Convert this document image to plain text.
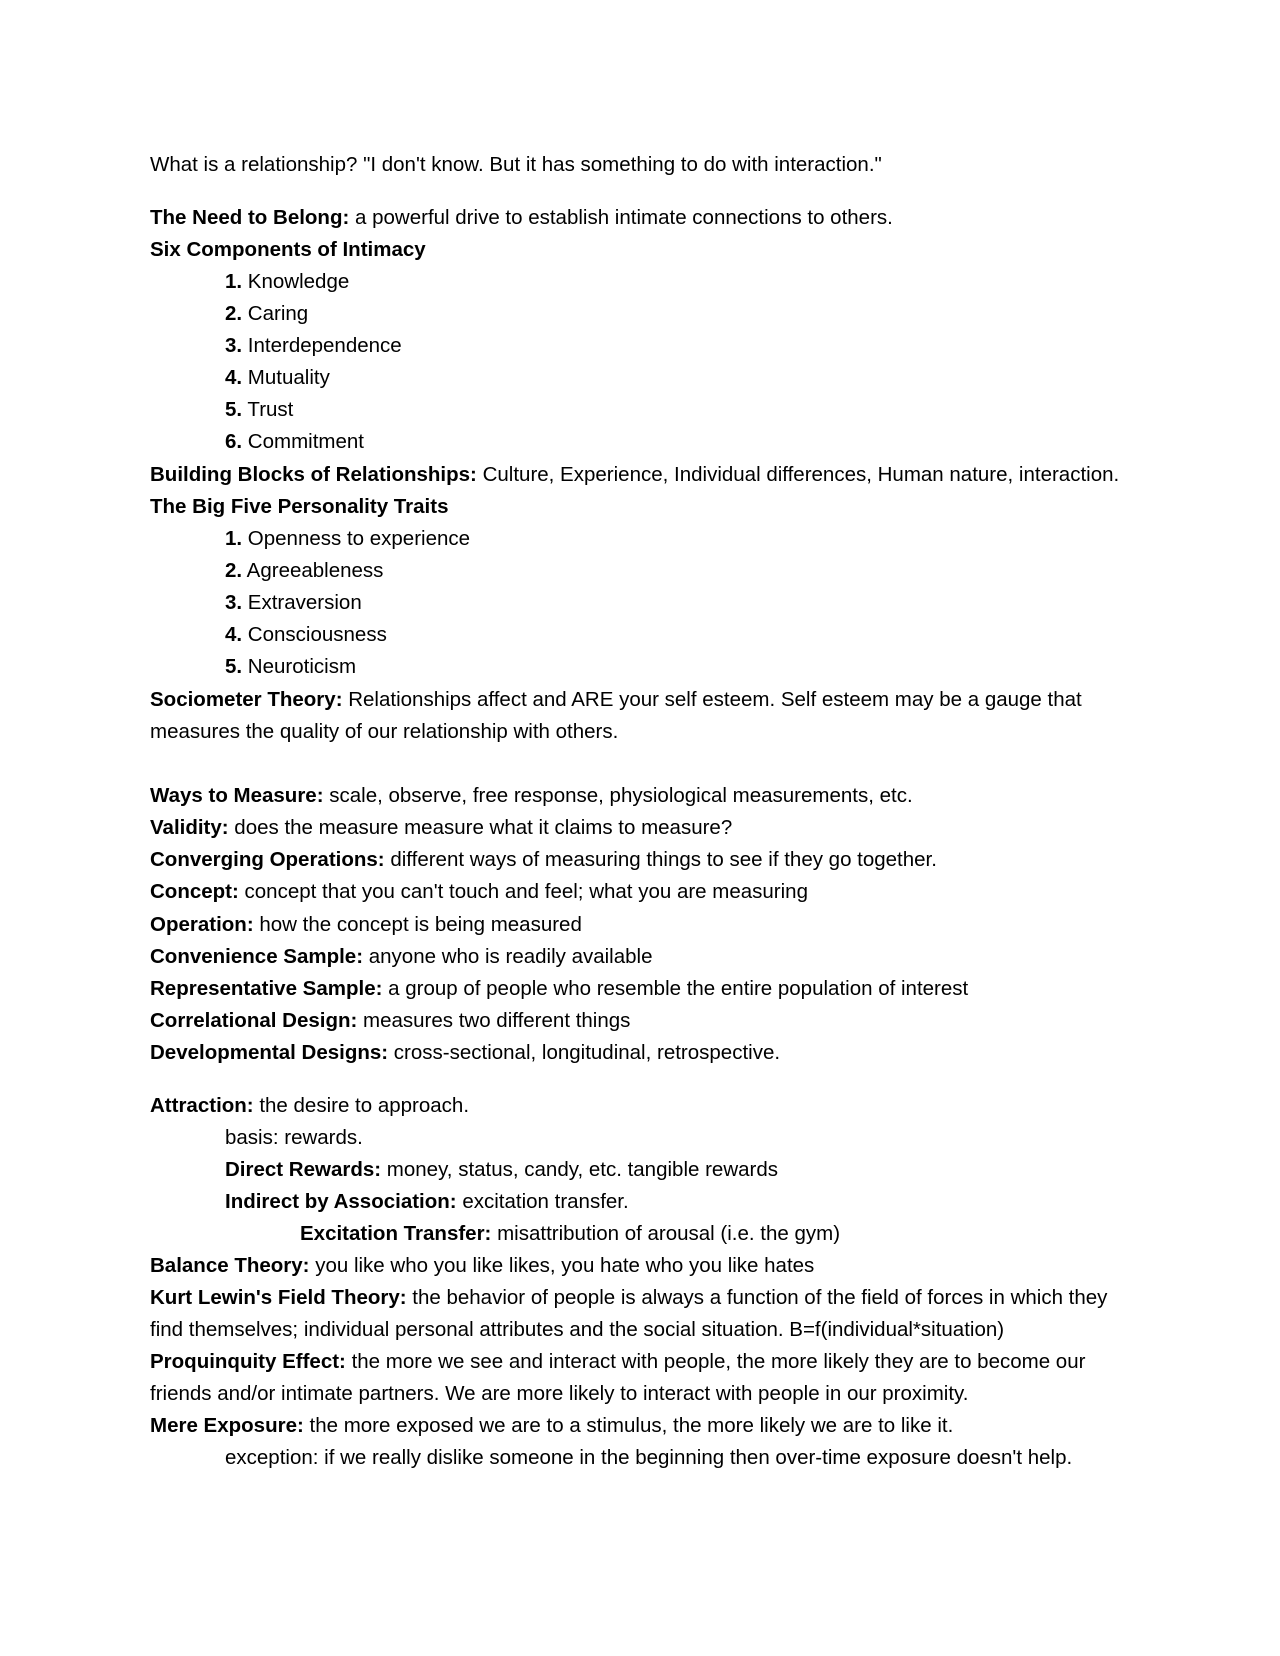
What is a relationship? "I don't know. But it has something to do with interaction."
The Need to Belong: a powerful drive to establish intimate connections to others.
Six Components of Intimacy
1. Knowledge
2. Caring
3. Interdependence
4. Mutuality
5. Trust
6. Commitment
Building Blocks of Relationships: Culture, Experience, Individual differences, Human nature, interaction.
The Big Five Personality Traits
1. Openness to experience
2. Agreeableness
3. Extraversion
4. Consciousness
5. Neuroticism
Sociometer Theory: Relationships affect and ARE your self esteem. Self esteem may be a gauge that
measures the quality of our relationship with others.
Ways to Measure: scale, observe, free response, physiological measurements, etc.
Validity: does the measure measure what it claims to measure?
Converging Operations: different ways of measuring things to see if they go together.
Concept: concept that you can't touch and feel; what you are measuring
Operation: how the concept is being measured
Convenience Sample: anyone who is readily available
Representative Sample: a group of people who resemble the entire population of interest
Correlational Design: measures two different things
Developmental Designs: cross-sectional, longitudinal, retrospective.
Attraction: the desire to approach.
basis: rewards.
Direct Rewards: money, status, candy, etc. tangible rewards
Indirect by Association: excitation transfer.
Excitation Transfer: misattribution of arousal (i.e. the gym)
Balance Theory: you like who you like likes, you hate who you like hates
Kurt Lewin's Field Theory: the behavior of people is always a function of the field of forces in which they
find themselves; individual personal attributes and the social situation. B=f(individual*situation)
Proquinquity Effect: the more we see and interact with people, the more likely they are to become our
friends and/or intimate partners. We are more likely to interact with people in our proximity.
Mere Exposure: the more exposed we are to a stimulus, the more likely we are to like it.
exception: if we really dislike someone in the beginning then over-time exposure doesn't help.
